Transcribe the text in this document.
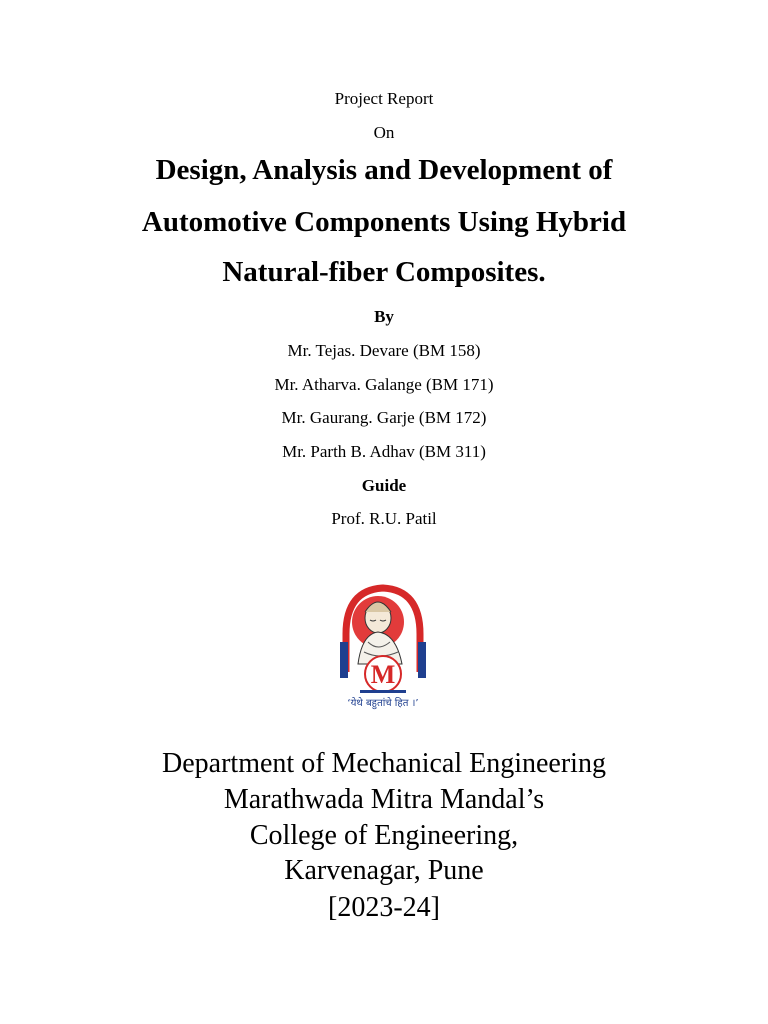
Project Report
On
Design, Analysis and Development of
Automotive Components Using Hybrid
Natural-fiber Composites.
By
Mr. Tejas. Devare (BM 158)
Mr. Atharva. Galange (BM 171)
Mr. Gaurang. Garje (BM 172)
Mr. Parth B. Adhav (BM 311)
Guide
Prof. R.U. Patil
M
‘येथे बहुतांचे हित ।’
Department of Mechanical Engineering
Marathwada Mitra Mandal’s
College of Engineering,
Karvenagar, Pune
[2023-24]
